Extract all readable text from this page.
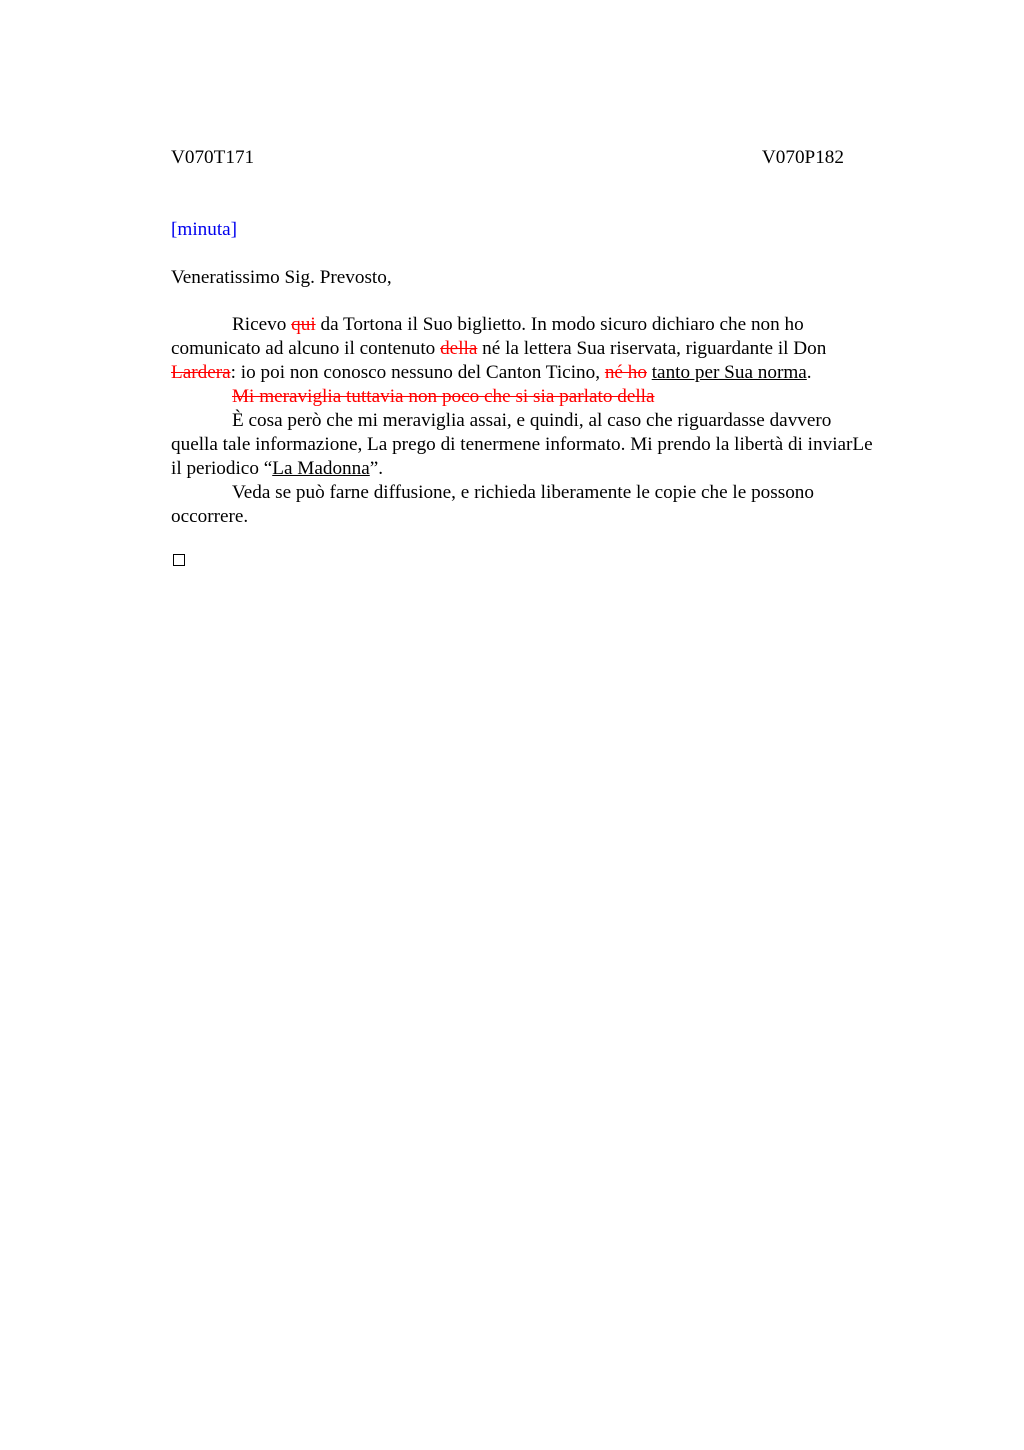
V070T171	V070P182
[minuta]
Veneratissimo Sig. Prevosto,
Ricevo qui da Tortona il Suo biglietto. In modo sicuro dichiaro che non ho
comunicato ad alcuno il contenuto della né la lettera Sua riservata, riguardante il Don
Lardera: io poi non conosco nessuno del Canton Ticino, né ho tanto per Sua norma.
Mi meraviglia tuttavia non poco che si sia parlato della
È cosa però che mi meraviglia assai, e quindi, al caso che riguardasse davvero
quella tale informazione, La prego di tenermene informato. Mi prendo la libertà di inviarLe
il periodico “La Madonna”.
Veda se può farne diffusione, e richieda liberamente le copie che le possono
occorrere.
